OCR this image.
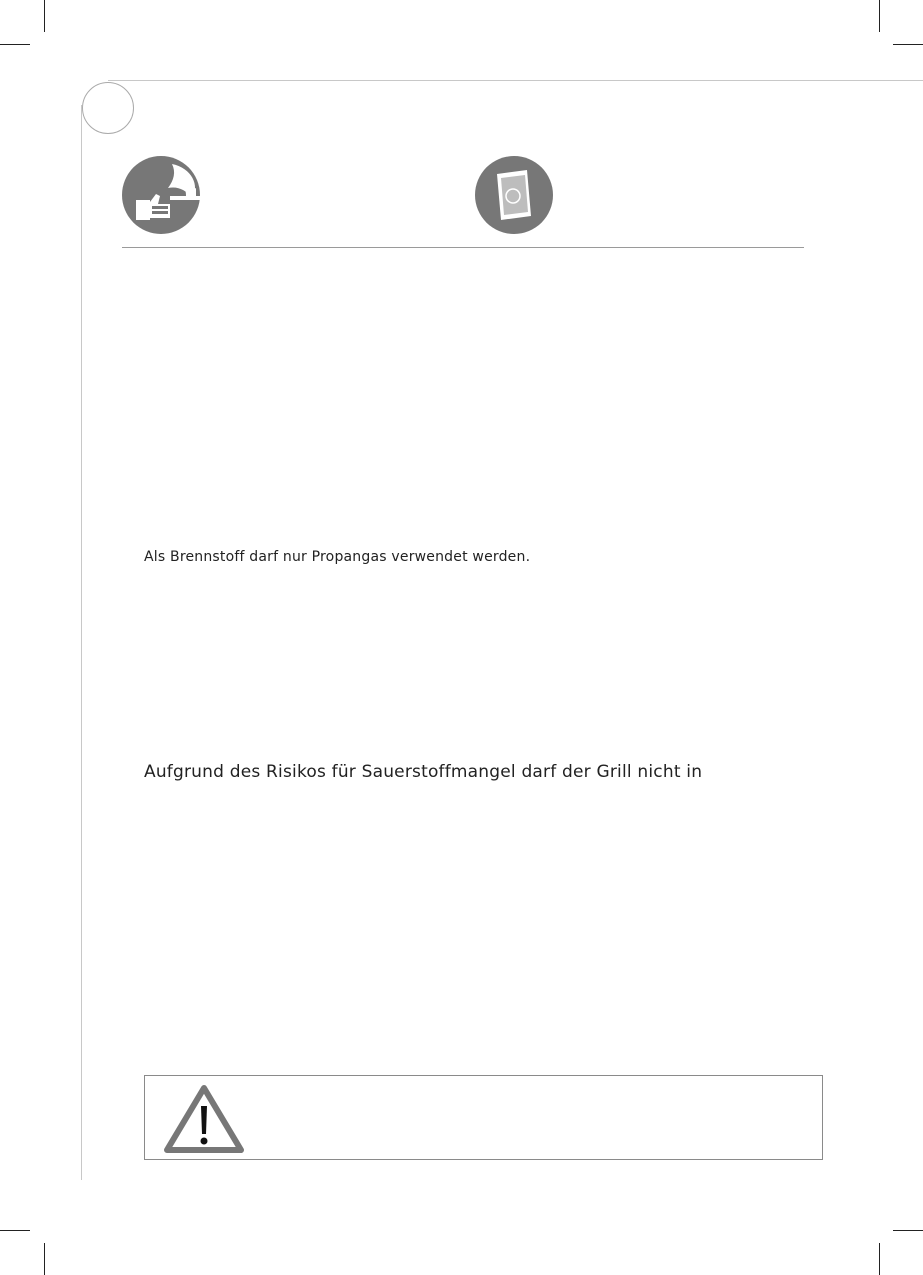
Als Brennstoff darf nur Propangas verwendet werden.

Aufgrund des Risikos für Sauerstoffmangel darf der Grill nicht in
